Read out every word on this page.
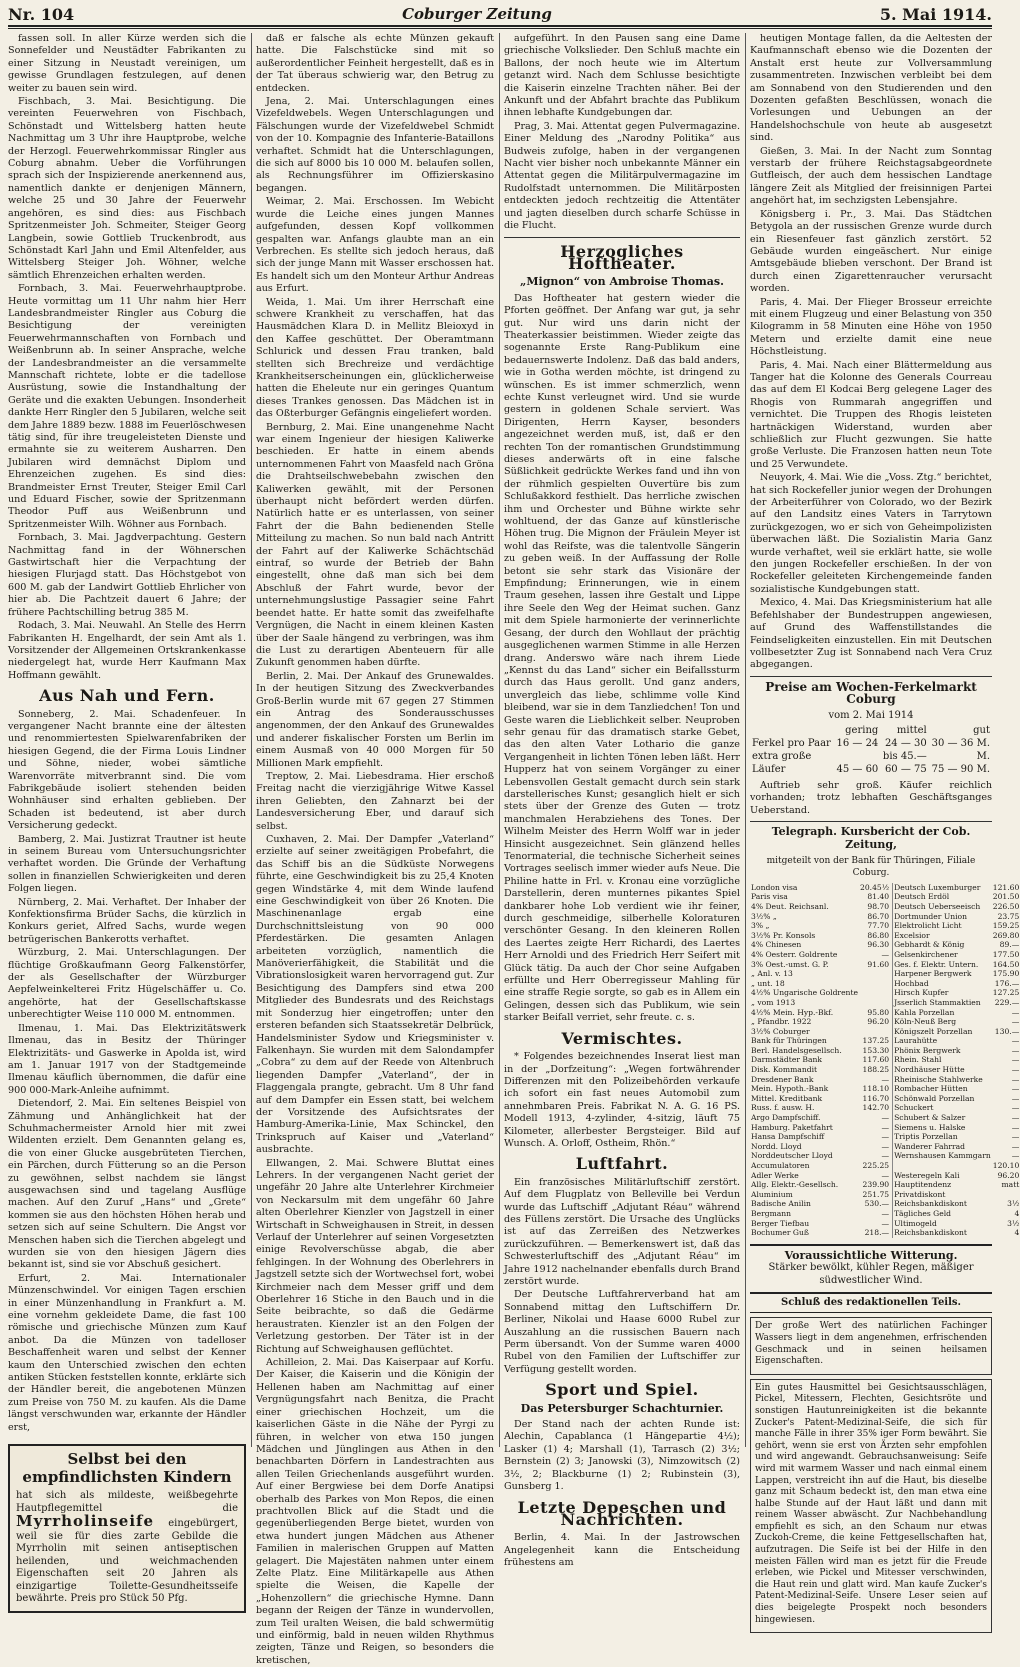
Nr. 104	Coburger Zeitung	5. Mai 1914.

fassen soll. In aller Kürze werden sich die Sonnefelder und Neustädter Fabrikanten zu einer Sitzung in Neustadt vereinigen, um gewisse Grundlagen festzulegen, auf denen weiter zu bauen sein wird.

Fischbach, 3. Mai. Besichtigung. Die vereinten Feuerwehren von Fischbach, Schönstadt und Wittelsberg hatten heute Nachmittag um 3 Uhr ihre Hauptprobe, welche der Herzogl. Feuerwehrkommissar Ringler aus Coburg abnahm. Ueber die Vorführungen sprach sich der Inspizierende anerkennend aus, namentlich dankte er denjenigen Männern, welche 25 und 30 Jahre der Feuerwehr angehören, es sind dies: aus Fischbach Spritzenmeister Joh. Schmeiter, Steiger Georg Langbein, sowie Gottlieb Truckenbrodt, aus Schönstadt Karl Jahn und Emil Altenfelder, aus Wittelsberg Steiger Joh. Wöhner, welche sämtlich Ehrenzeichen erhalten werden.

Fornbach, 3. Mai. Feuerwehrhauptprobe. Heute vormittag um 11 Uhr nahm hier Herr Landesbrandmeister Ringler aus Coburg die Besichtigung der vereinigten Feuerwehrmannschaften von Fornbach und Weißenbrunn ab. In seiner Ansprache, welche der Landesbrandmeister an die versammelte Mannschaft richtete, lobte er die tadellose Ausrüstung, sowie die Instandhaltung der Geräte und die exakten Uebungen. Insonderheit dankte Herr Ringler den 5 Jubilaren, welche seit dem Jahre 1889 bezw. 1888 im Feuerlöschwesen tätig sind, für ihre treugeleisteten Dienste und ermahnte sie zu weiterem Ausharren. Den Jubilaren wird demnächst Diplom und Ehrenzeichen zugehen. Es sind dies: Brandmeister Ernst Treuter, Steiger Emil Carl und Eduard Fischer, sowie der Spritzenmann Theodor Puff aus Weißenbrunn und Spritzenmeister Wilh. Wöhner aus Fornbach.

Fornbach, 3. Mai. Jagdverpachtung. Gestern Nachmittag fand in der Wöhnerschen Gastwirtschaft hier die Verpachtung der hiesigen Flurjagd statt. Das Höchstgebot von 600 M. gab der Landwirt Gottlieb Ehrlicher von hier ab. Die Pachtzeit dauert 6 Jahre; der frühere Pachtschilling betrug 385 M.

Rodach, 3. Mai. Neuwahl. An Stelle des Herrn Fabrikanten H. Engelhardt, der sein Amt als 1. Vorsitzender der Allgemeinen Ortskrankenkasse niedergelegt hat, wurde Herr Kaufmann Max Hoffmann gewählt.

Aus Nah und Fern.

Sonneberg, 2. Mai. Schadenfeuer. In vergangener Nacht brannte eine der ältesten und renommiertesten Spielwarenfabriken der hiesigen Gegend, die der Firma Louis Lindner und Söhne, nieder, wobei sämtliche Warenvorräte mitverbrannt sind. Die vom Fabrikgebäude isoliert stehenden beiden Wohnhäuser sind erhalten geblieben. Der Schaden ist bedeutend, ist aber durch Versicherung gedeckt.

Bamberg, 2. Mai. Justizrat Trautner ist heute in seinem Bureau vom Untersuchungsrichter verhaftet worden. Die Gründe der Verhaftung sollen in finanziellen Schwierigkeiten und deren Folgen liegen.

Nürnberg, 2. Mai. Verhaftet. Der Inhaber der Konfektionsfirma Brüder Sachs, die kürzlich in Konkurs geriet, Alfred Sachs, wurde wegen betrügerischen Bankerotts verhaftet.

Würzburg, 2. Mai. Unterschlagungen. Der flüchtige Großkaufmann Georg Falkenstörfer, der als Gesellschafter der Würzburger Aepfelweinkelterei Fritz Hügelschäffer u. Co. angehörte, hat der Gesellschaftskasse unberechtigter Weise 110 000 M. entnommen.

Ilmenau, 1. Mai. Das Elektrizitätswerk Ilmenau, das in Besitz der Thüringer Elektrizitäts- und Gaswerke in Apolda ist, wird am 1. Januar 1917 von der Stadtgemeinde Ilmenau käuflich übernommen, die dafür eine 900 000-Mark-Anleihe aufnimmt.

Dietendorf, 2. Mai. Ein seltenes Beispiel von Zähmung und Anhänglichkeit hat der Schuhmachermeister Arnold hier mit zwei Wildenten erzielt. Dem Genannten gelang es, die von einer Glucke ausgebrüteten Tierchen, ein Pärchen, durch Fütterung so an die Person zu gewöhnen, selbst nachdem sie längst ausgewachsen sind und tagelang Ausflüge machen. Auf den Zuruf „Hans“ und „Grete“ kommen sie aus den höchsten Höhen herab und setzen sich auf seine Schultern. Die Angst vor Menschen haben sich die Tierchen abgelegt und wurden sie von den hiesigen Jägern dies bekannt ist, sind sie vor Abschuß gesichert.

Erfurt, 2. Mai. Internationaler Münzenschwindel. Vor einigen Tagen erschien in einer Münzenhandlung in Frankfurt a. M. eine vornehm gekleidete Dame, die fast 100 römische und griechische Münzen zum Kauf anbot. Da die Münzen von tadelloser Beschaffenheit waren und selbst der Kenner kaum den Unterschied zwischen den echten antiken Stücken feststellen konnte, erklärte sich der Händler bereit, die angebotenen Münzen zum Preise von 750 M. zu kaufen. Als die Dame längst verschwunden war, erkannte der Händler erst,

Selbst bei den empfindlichsten Kindern

hat sich als mildeste, weißbegehrte Hautpflegemittel die Myrrholinseife eingebürgert, weil sie für dies zarte Gebilde die Myrrholin mit seinen antiseptischen heilenden, und weichmachenden Eigenschaften seit 20 Jahren als einzigartige Toilette-Gesundheitsseife bewährte. Preis pro Stück 50 Pfg.

daß er falsche als echte Münzen gekauft hatte. Die Falschstücke sind mit so außerordentlicher Feinheit hergestellt, daß es in der Tat überaus schwierig war, den Betrug zu entdecken.

Jena, 2. Mai. Unterschlagungen eines Vizefeldwebels. Wegen Unterschlagungen und Fälschungen wurde der Vizefeldwebel Schmidt von der 10. Kompagnie des Infanterie-Bataillons verhaftet. Schmidt hat die Unterschlagungen, die sich auf 8000 bis 10 000 M. belaufen sollen, als Rechnungsführer im Offizierskasino begangen.

Weimar, 2. Mai. Erschossen. Im Webicht wurde die Leiche eines jungen Mannes aufgefunden, dessen Kopf vollkommen gespalten war. Anfangs glaubte man an ein Verbrechen. Es stellte sich jedoch heraus, daß sich der junge Mann mit Wasser erschossen hat. Es handelt sich um den Monteur Arthur Andreas aus Erfurt.

Weida, 1. Mai. Um ihrer Herrschaft eine schwere Krankheit zu verschaffen, hat das Hausmädchen Klara D. in Mellitz Bleioxyd in den Kaffee geschüttet. Der Oberamtmann Schlurick und dessen Frau tranken, bald stellten sich Brechreize und verdächtige Krankheitserscheinungen ein, glücklicherweise hatten die Eheleute nur ein geringes Quantum dieses Trankes genossen. Das Mädchen ist in das Oßterburger Gefängnis eingeliefert worden.

Bernburg, 2. Mai. Eine unangenehme Nacht war einem Ingenieur der hiesigen Kaliwerke beschieden. Er hatte in einem abends unternommenen Fahrt von Maasfeld nach Gröna die Drahtseilschwebebahn zwischen den Kaliwerken gewählt, mit der Personen überhaupt nicht befördert werden dürfen. Natürlich hatte er es unterlassen, von seiner Fahrt der die Bahn bedienenden Stelle Mitteilung zu machen. So nun bald nach Antritt der Fahrt auf der Kaliwerke Schächtschäd eintraf, so wurde der Betrieb der Bahn eingestellt, ohne daß man sich bei dem Abschluß der Fahrt wurde, bevor der unternehmungslustige Passagier seine Fahrt beendet hatte. Er hatte somit das zweifelhafte Vergnügen, die Nacht in einem kleinen Kasten über der Saale hängend zu verbringen, was ihm die Lust zu derartigen Abenteuern für alle Zukunft genommen haben dürfte.

Berlin, 2. Mai. Der Ankauf des Grunewaldes. In der heutigen Sitzung des Zweckverbandes Groß-Berlin wurde mit 67 gegen 27 Stimmen ein Antrag des Sonderausschusses angenommen, der den Ankauf des Grunewaldes und anderer fiskalischer Forsten um Berlin im einem Ausmaß von 40 000 Morgen für 50 Millionen Mark empfiehlt.

Treptow, 2. Mai. Liebesdrama. Hier erschoß Freitag nacht die vierzigjährige Witwe Kassel ihren Geliebten, den Zahnarzt bei der Landesversicherung Eber, und darauf sich selbst.

Cuxhaven, 2. Mai. Der Dampfer „Vaterland“ erzielte auf seiner zweitägigen Probefahrt, die das Schiff bis an die Südküste Norwegens führte, eine Geschwindigkeit bis zu 25,4 Knoten gegen Windstärke 4, mit dem Winde laufend eine Geschwindigkeit von über 26 Knoten. Die Maschinenanlage ergab eine Durchschnittsleistung von 90 000 Pferdestärken. Die gesamten Anlagen arbeiteten vorzüglich, namentlich die Manöverierfähigkeit, die Stabilität und die Vibrationslosigkeit waren hervorragend gut. Zur Besichtigung des Dampfers sind etwa 200 Mitglieder des Bundesrats und des Reichstags mit Sonderzug hier eingetroffen; unter den ersteren befanden sich Staatssekretär Delbrück, Handelsminister Sydow und Kriegsminister v. Falkenhayn. Sie wurden mit dem Salondampfer „Cobra“ zu dem auf der Reede von Altenbruch liegenden Dampfer „Vaterland“, der in Flaggengala prangte, gebracht. Um 8 Uhr fand auf dem Dampfer ein Essen statt, bei welchem der Vorsitzende des Aufsichtsrates der Hamburg-Amerika-Linie, Max Schinckel, den Trinkspruch auf Kaiser und „Vaterland“ ausbrachte.

Ellwangen, 2. Mai. Schwere Bluttat eines Lehrers. In der vergangenen Nacht geriet der ungefähr 20 Jahre alte Unterlehrer Kirchmeier von Neckarsulm mit dem ungefähr 60 Jahre alten Oberlehrer Kienzler von Jagstzell in einer Wirtschaft in Schweighausen in Streit, in dessen Verlauf der Unterlehrer auf seinen Vorgesetzten einige Revolverschüsse abgab, die aber fehlgingen. In der Wohnung des Oberlehrers in Jagstzell setzte sich der Wortwechsel fort, wobei Kirchmeier nach dem Messer griff und dem Oberlehrer 16 Stiche in den Bauch und in die Seite beibrachte, so daß die Gedärme heraustraten. Kienzler ist an den Folgen der Verletzung gestorben. Der Täter ist in der Richtung auf Schweighausen geflüchtet.

Achilleion, 2. Mai. Das Kaiserpaar auf Korfu. Der Kaiser, die Kaiserin und die Königin der Hellenen haben am Nachmittag auf einer Vergnügungsfahrt nach Benitza, die Pracht einer griechischen Hochzeit, um die kaiserlichen Gäste in die Nähe der Pyrgi zu führen, in welcher von etwa 150 jungen Mädchen und Jünglingen aus Athen in den benachbarten Dörfern in Landestrachten aus allen Teilen Griechenlands ausgeführt wurden. Auf einer Bergwiese bei dem Dorfe Anatipsi oberhalb des Parkes von Mon Repos, die einen prachtvollen Blick auf die Stadt und die gegenüberliegenden Berge bietet, wurden von etwa hundert jungen Mädchen aus Athener Familien in malerischen Gruppen auf Matten gelagert. Die Majestäten nahmen unter einem Zelte Platz. Eine Militärkapelle aus Athen spielte die Weisen, die Kapelle der „Hohenzollern“ die griechische Hymne. Dann begann der Reigen der Tänze in wundervollen, zum Teil uralten Weisen, die bald schwermütig und einförmig, bald in neuen wilden Rhythmus zeigten, Tänze und Reigen, so besonders die kretischen,

aufgeführt. In den Pausen sang eine Dame griechische Volkslieder. Den Schluß machte ein Ballons, der noch heute wie im Altertum getanzt wird. Nach dem Schlusse besichtigte die Kaiserin einzelne Trachten näher. Bei der Ankunft und der Abfahrt brachte das Publikum ihnen lebhafte Kundgebungen dar.

Prag, 3. Mai. Attentat gegen Pulvermagazine. Einer Meldung des „Narodny Politika“ aus Budweis zufolge, haben in der vergangenen Nacht vier bisher noch unbekannte Männer ein Attentat gegen die Militärpulvermagazine im Rudolfstadt unternommen. Die Militärposten entdeckten jedoch rechtzeitig die Attentäter und jagten dieselben durch scharfe Schüsse in die Flucht.

Herzogliches Hoftheater.
„Mignon“ von Ambroise Thomas.

Das Hoftheater hat gestern wieder die Pforten geöffnet. Der Anfang war gut, ja sehr gut. Nur wird uns darin nicht der Theaterkassier beistimmen. Wieder zeigte das sogenannte Erste Rang-Publikum eine bedauernswerte Indolenz. Daß das bald anders, wie in Gotha werden möchte, ist dringend zu wünschen. Es ist immer schmerzlich, wenn echte Kunst verleugnet wird. Und sie wurde gestern in goldenen Schale serviert. Was Dirigenten, Herrn Kayser, besonders angezeichnet werden muß, ist, daß er den rechten Ton der romantischen Grundstimmung dieses anderwärts oft in eine falsche Süßlichkeit gedrückte Werkes fand und ihn von der rühmlich gespielten Ouvertüre bis zum Schlußakkord festhielt. Das herrliche zwischen ihm und Orchester und Bühne wirkte sehr wohltuend, der das Ganze auf künstlerische Höhen trug. Die Mignon der Fräulein Meyer ist wohl das Reifste, was die talentvolle Sängerin zu geben weiß. In der Auffassung der Rolle betont sie sehr stark das Visionäre der Empfindung; Erinnerungen, wie in einem Traum gesehen, lassen ihre Gestalt und Lippe ihre Seele den Weg der Heimat suchen. Ganz mit dem Spiele harmonierte der verinnerlichte Gesang, der durch den Wohllaut der prächtig ausgeglichenen warmen Stimme in alle Herzen drang. Anderswo wäre nach ihrem Liede „Kennst du das Land“ sicher ein Beifallssturm durch das Haus gerollt. Und ganz anders, unvergleich das liebe, schlimme volle Kind bleibend, war sie in dem Tanzliedchen! Ton und Geste waren die Lieblichkeit selber. Neuproben sehr genau für das dramatisch starke Gebet, das den alten Vater Lothario die ganze Vergangenheit in lichten Tönen leben läßt. Herr Hupperz hat von seinem Vorgänger zu einer Lebensvollen Gestalt gemacht durch sein stark darstellerisches Kunst; gesanglich hielt er sich stets über der Grenze des Guten — trotz manchmalen Herabziehens des Tones. Der Wilhelm Meister des Herrn Wolff war in jeder Hinsicht ausgezeichnet. Sein glänzend helles Tenormaterial, die technische Sicherheit seines Vortrages seelisch immer wieder aufs Neue. Die Philine hatte in Frl. v. Kronau eine vorzügliche Darstellerin, deren munternes pikantes Spiel dankbarer hohe Lob verdient wie ihr feiner, durch geschmeidige, silberhelle Koloraturen verschönter Gesang. In den kleineren Rollen des Laertes zeigte Herr Richardi, des Laertes Herr Arnoldi und des Friedrich Herr Seifert mit Glück tätig. Da auch der Chor seine Aufgaben erfüllte und Herr Oberregisseur Mahling für eine straffe Regie sorgte, so gab es in Allem ein Gelingen, dessen sich das Publikum, wie sein starker Beifall verriet, sehr freute. c. s.

Vermischtes.

* Folgendes bezeichnendes Inserat liest man in der „Dorfzeitung“: „Wegen fortwährender Differenzen mit den Polizeibehörden verkaufe ich sofort ein fast neues Automobil zum annehmbaren Preis. Fabrikat N. A. G. 16 PS. Modell 1913, 4-zylinder, 4-sitzig, läuft 75 Kilometer, allerbester Bergsteiger. Bild auf Wunsch. A. Orloff, Ostheim, Rhön.“

Luftfahrt.

Ein französisches Militärluftschiff zerstört. Auf dem Flugplatz von Belleville bei Verdun wurde das Luftschiff „Adjutant Réau“ während des Füllens zerstört. Die Ursache des Unglücks ist auf das Zerreißen des Netzwerkes zurückzuführen. — Bemerkenswert ist, daß das Schwesterluftschiff des „Adjutant Réau“ im Jahre 1912 nachelnander ebenfalls durch Brand zerstört wurde.

Der Deutsche Luftfahrerverband hat am Sonnabend mittag den Luftschiffern Dr. Berliner, Nikolai und Haase 6000 Rubel zur Auszahlung an die russischen Bauern nach Perm übersandt. Von der Summe waren 4000 Rubel von den Familien der Luftschiffer zur Verfügung gestellt worden.

Sport und Spiel.
Das Petersburger Schachturnier.

Der Stand nach der achten Runde ist: Alechin, Capablanca (1 Hängepartie 4½); Lasker (1) 4; Marshall (1), Tarrasch (2) 3½; Bernstein (2) 3; Janowski (3), Nimzowitsch (2) 3½, 2; Blackburne (1) 2; Rubinstein (3), Gunsberg 1.

Letzte Depeschen und Nachrichten.

Berlin, 4. Mai. In der Jastrowschen Angelegenheit kann die Entscheidung frühestens am

heutigen Montage fallen, da die Aeltesten der Kaufmannschaft ebenso wie die Dozenten der Anstalt erst heute zur Vollversammlung zusammentreten. Inzwischen verbleibt bei dem am Sonnabend von den Studierenden und den Dozenten gefaßten Beschlüssen, wonach die Vorlesungen und Uebungen an der Handelshochschule von heute ab ausgesetzt sind.

Gießen, 3. Mai. In der Nacht zum Sonntag verstarb der frühere Reichstagsabgeordnete Gutfleisch, der auch dem hessischen Landtage längere Zeit als Mitglied der freisinnigen Partei angehört hat, im sechzigsten Lebensjahre.

Königsberg i. Pr., 3. Mai. Das Städtchen Betygola an der russischen Grenze wurde durch ein Riesenfeuer fast gänzlich zerstört. 52 Gebäude wurden eingeäschert. Nur einige Amtsgebäude blieben verschont. Der Brand ist durch einen Zigarettenraucher verursacht worden.

Paris, 4. Mai. Der Flieger Brosseur erreichte mit einem Flugzeug und einer Belastung von 350 Kilogramm in 58 Minuten eine Höhe von 1950 Metern und erzielte damit eine neue Höchstleistung.

Paris, 4. Mai. Nach einer Blättermeldung aus Tanger hat die Kolonne des Generals Courreau das auf dem El Kodcai Berg gelegene Lager des Rhogis von Rummarah angegriffen und vernichtet. Die Truppen des Rhogis leisteten hartnäckigen Widerstand, wurden aber schließlich zur Flucht gezwungen. Sie hatte große Verluste. Die Franzosen hatten neun Tote und 25 Verwundete.

Neuyork, 4. Mai. Wie die „Voss. Ztg.“ berichtet, hat sich Rockefeller junior wegen der Drohungen der Arbeiterführer von Colorado, wo der Bezirk auf den Landsitz eines Vaters in Tarrytown zurückgezogen, wo er sich von Geheimpolizisten überwachen läßt. Die Sozialistin Maria Ganz wurde verhaftet, weil sie erklärt hatte, sie wolle den jungen Rockefeller erschießen. In der von Rockefeller geleiteten Kirchengemeinde fanden sozialistische Kundgebungen statt.

Mexico, 4. Mai. Das Kriegsministerium hat alle Befehlshaber der Bundestruppen angewiesen, auf Grund des Waffenstillstandes die Feindseligkeiten einzustellen. Ein mit Deutschen vollbesetzter Zug ist Sonnabend nach Vera Cruz abgegangen.

Preise am Wochen-Ferkelmarkt Coburg
vom 2. Mai 1914
	gering	mittel	gut
Ferkel pro Paar	16 — 24	24 — 30	30 — 36 M.
extra große		bis 45.—	M.
Läufer	45 — 60	60 — 75	75 — 90 M.

Auftrieb sehr groß. Käufer reichlich vorhanden; trotz lebhaften Geschäftsganges Ueberstand.

Telegraph. Kursbericht der Cob. Zeitung,
mitgeteilt von der Bank für Thüringen, Filiale Coburg.
London visa	20.45½	Deutsch Luxemburger	121.60
Paris visa	81.40	Deutsch Erdöl	201.50
4% Deut. Reichsanl.	98.70	Deutsch Ueberseeisch	226.50
3½% „	86.70	Dortmunder Union	23.75
3% „	77.70	Elektrolicht Licht	159.25
3½% Pr. Konsols	86.80	Excelsior	269.80
4% Chinesen	96.30	Gebhardt & König	89.—
4% Oesterr. Goldrente	—	Gelsenkirchener	177.50
3% Oest.-umst. G. P.	91.60	Ges. f. Elektr. Untern.	164.50
„ Anl. v. 13		Harpener Bergwerk	175.90
„ unt. 18		Hochbad	176.—
4½% Ungarische Goldrente		Hirsch Kupfer	127.25
„ vom 1913		Jsserlich Stammaktien	229.—
4½% Mein. Hyp.-Bkf.	95.80	Kahla Porzellan	—
„ Pfandbr. 1922	96.20	Köln-Neuß Berg	—
3½% Coburger		Königszelt Porzellan	130.—
Bank für Thüringen	137.25	Laurahütte	—
Berl. Handelsgesellsch.	153.30	Phönix Bergwerk	—
Darmstädter Bank	117.60	Rhein. Stahl	—
Disk. Kommandit	188.25	Nordhäuser Hütte	—
Dresdener Bank	—	Rheinische Stahlwerke	—
Mein. Hypoth.-Bank	118.10	Rombacher Hütten	—
Mittel. Kreditbank	116.70	Schönwald Porzellan	—
Russ. f. ausw. H.	142.70	Schuckert	—
Argo Dampfschiff.	—	Schubert & Salzer	—
Hamburg. Paketfahrt	—	Siemens u. Halske	—
Hansa Dampfschiff	—	Triptis Porzellan	—
Nordd. Lloyd	—	Wanderer Fahrrad	—
Norddeutscher Lloyd	—	Wernshausen Kammgarn	—
Accumulatoren	225.25		120.10
Adler Werke	—	Westeregeln Kali	96.20
Allg. Elektr.-Gesellsch.	239.90	Hauptitendenz	matt
Aluminium	251.75	Privatdiskont	
Badische Anilin	530.—	Reichsbankdiskont	3½
Bergmann	—	Tägliches Geld	4
Berger Tiefbau	—	Ultimogeld	3½
Bochumer Guß	218.—	Reichsbankdiskont	4
Voraussichtliche Witterung.

Stärker bewölkt, kühler Regen, mäßiger südwestlicher Wind.

Schluß des redaktionellen Teils.

Der große Wert des natürlichen Fachinger Wassers liegt in dem angenehmen, erfrischenden Geschmack und in seinen heilsamen Eigenschaften.

Ein gutes Hausmittel bei Gesichtsausschlägen, Pickel, Mitessern, Flechten, Gesichtsröte und sonstigen Hautunreinigkeiten ist die bekannte Zucker's Patent-Medizinal-Seife, die sich für manche Fälle in ihrer 35% iger Form bewährt. Sie gehört, wenn sie erst von Ärzten sehr empfohlen und wird angewandt. Gebrauchsanweisung: Seife wird mit warmem Wasser und nach einmal einem Lappen, verstreicht ihn auf die Haut, bis dieselbe ganz mit Schaum bedeckt ist, den man etwa eine halbe Stunde auf der Haut läßt und dann mit reinem Wasser abwäscht. Zur Nachbehandlung empfiehlt es sich, an den Schaum nur etwas Zuckoh-Creme, die keine Fettgesellschaften hat, aufzutragen. Die Seife ist bei der Hilfe in den meisten Fällen wird man es jetzt für die Freude erleben, wie Pickel und Mitesser verschwinden, die Haut rein und glatt wird. Man kaufe Zucker's Patent-Medizinal-Seife. Unsere Leser seien auf dies beigelegte Prospekt noch besonders hingewiesen.
